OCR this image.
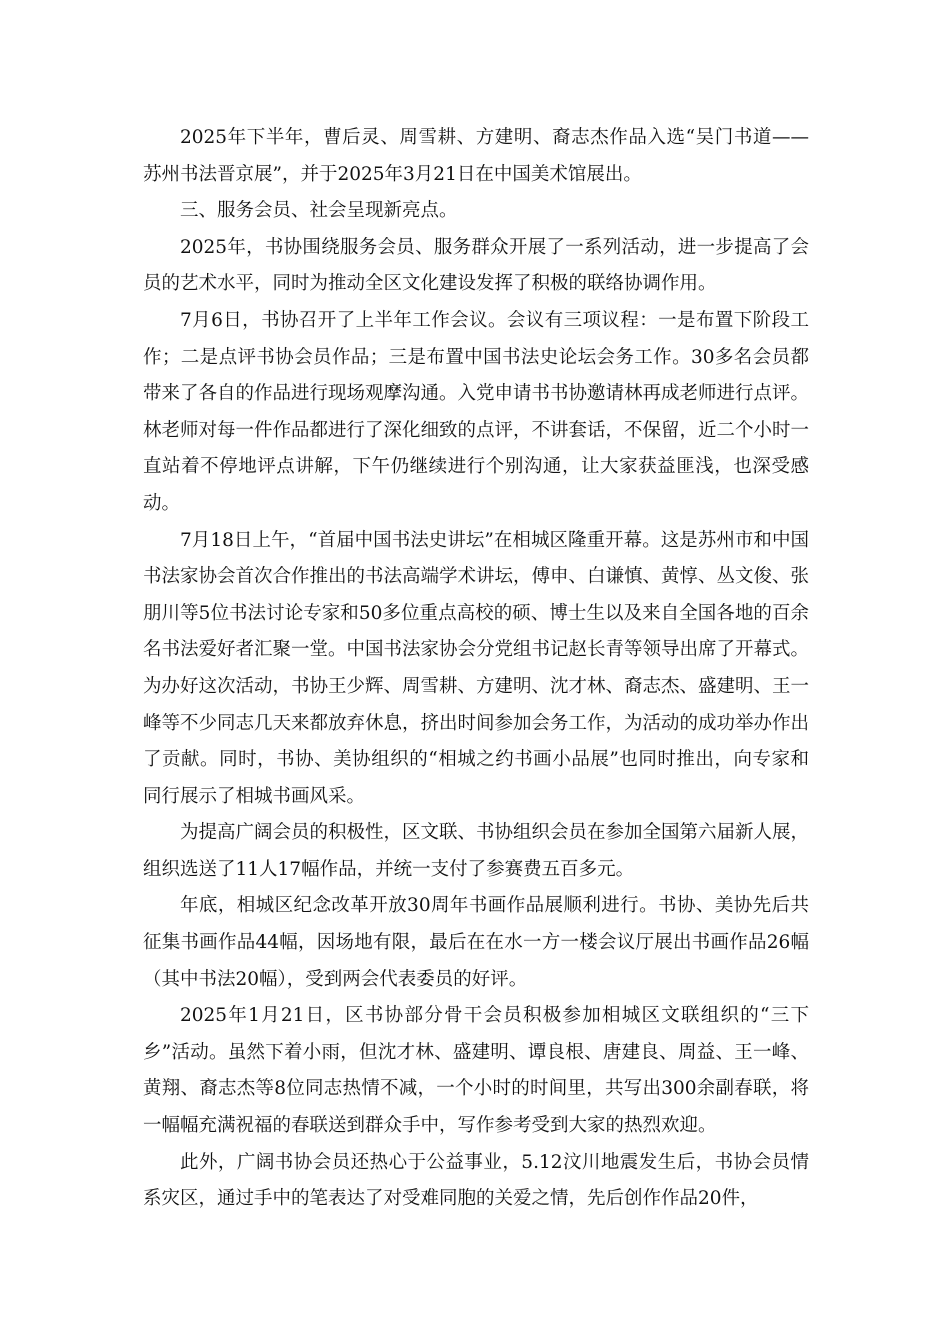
2025年下半年，曹后灵、周雪耕、方建明、裔志杰作品入选“吴门书道——苏州书法晋京展”，并于2025年3月21日在中国美术馆展出。

三、服务会员、社会呈现新亮点。

2025年，书协围绕服务会员、服务群众开展了一系列活动，进一步提高了会员的艺术水平，同时为推动全区文化建设发挥了积极的联络协调作用。

7月6日，书协召开了上半年工作会议。会议有三项议程：一是布置下阶段工作；二是点评书协会员作品；三是布置中国书法史论坛会务工作。30多名会员都带来了各自的作品进行现场观摩沟通。入党申请书书协邀请林再成老师进行点评。林老师对每一件作品都进行了深化细致的点评，不讲套话，不保留，近二个小时一直站着不停地评点讲解，下午仍继续进行个别沟通，让大家获益匪浅，也深受感动。

7月18日上午，“首届中国书法史讲坛”在相城区隆重开幕。这是苏州市和中国书法家协会首次合作推出的书法高端学术讲坛，傅申、白谦慎、黄惇、丛文俊、张朋川等5位书法讨论专家和50多位重点高校的硕、博士生以及来自全国各地的百余名书法爱好者汇聚一堂。中国书法家协会分党组书记赵长青等领导出席了开幕式。为办好这次活动，书协王少辉、周雪耕、方建明、沈才林、裔志杰、盛建明、王一峰等不少同志几天来都放弃休息，挤出时间参加会务工作，为活动的成功举办作出了贡献。同时，书协、美协组织的“相城之约书画小品展”也同时推出，向专家和同行展示了相城书画风采。

为提高广阔会员的积极性，区文联、书协组织会员在参加全国第六届新人展，组织选送了11人17幅作品，并统一支付了参赛费五百多元。

年底，相城区纪念改革开放30周年书画作品展顺利进行。书协、美协先后共征集书画作品44幅，因场地有限，最后在在水一方一楼会议厅展出书画作品26幅（其中书法20幅），受到两会代表委员的好评。

2025年1月21日，区书协部分骨干会员积极参加相城区文联组织的“三下乡”活动。虽然下着小雨，但沈才林、盛建明、谭良根、唐建良、周益、王一峰、黄翔、裔志杰等8位同志热情不减，一个小时的时间里，共写出300余副春联，将一幅幅充满祝福的春联送到群众手中，写作参考受到大家的热烈欢迎。

此外，广阔书协会员还热心于公益事业，5.12汶川地震发生后，书协会员情系灾区，通过手中的笔表达了对受难同胞的关爱之情，先后创作作品20件，
